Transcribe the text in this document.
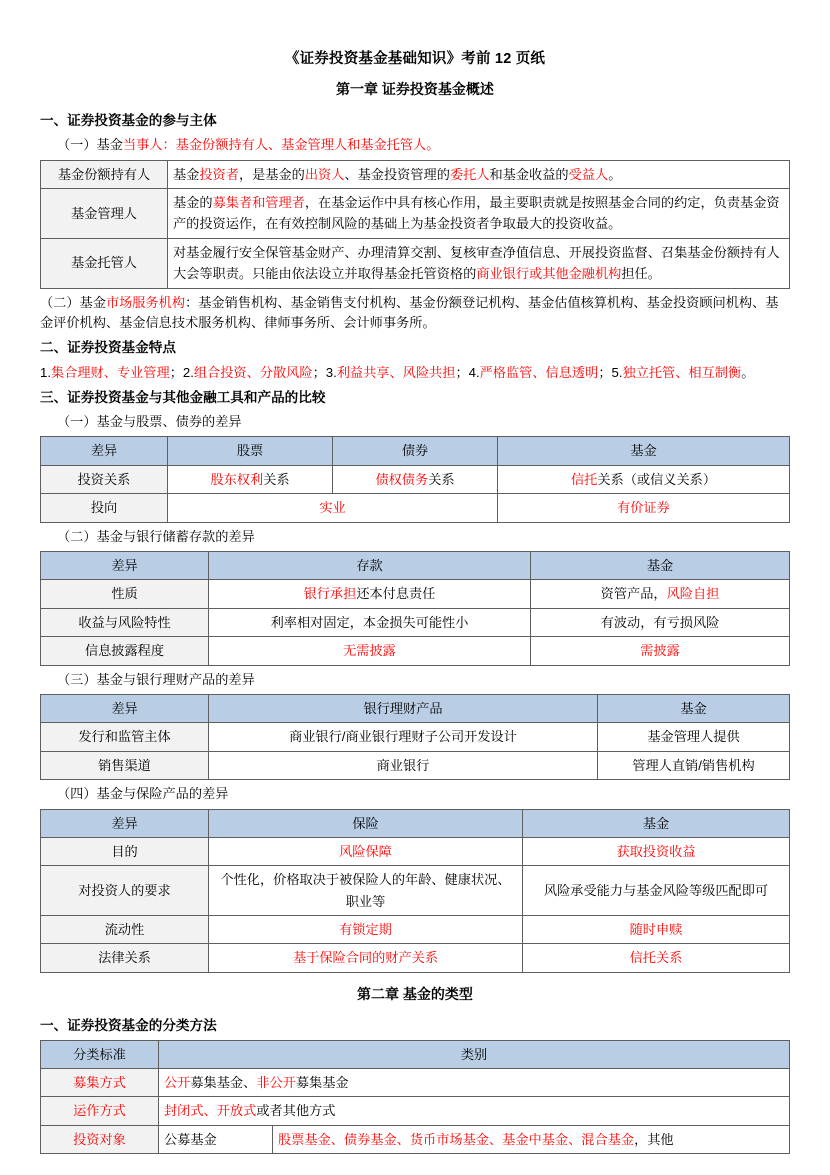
《证券投资基金基础知识》考前 12 页纸
第一章 证券投资基金概述
一、证券投资基金的参与主体
（一）基金当事人：基金份额持有人、基金管理人和基金托管人。
基金份额持有人	基金投资者，是基金的出资人、基金投资管理的委托人和基金收益的受益人。
基金管理人	基金的募集者和管理者，在基金运作中具有核心作用，最主要职责就是按照基金合同的约定，负责基金资产的投资运作，在有效控制风险的基础上为基金投资者争取最大的投资收益。
基金托管人	对基金履行安全保管基金财产、办理清算交割、复核审查净值信息、开展投资监督、召集基金份额持有人大会等职责。只能由依法设立并取得基金托管资格的商业银行或其他金融机构担任。
（二）基金市场服务机构：基金销售机构、基金销售支付机构、基金份额登记机构、基金估值核算机构、基金投资顾问机构、基金评价机构、基金信息技术服务机构、律师事务所、会计师事务所。
二、证券投资基金特点
1.集合理财、专业管理；2.组合投资、分散风险；3.利益共享、风险共担；4.严格监管、信息透明；5.独立托管、相互制衡。
三、证券投资基金与其他金融工具和产品的比较
（一）基金与股票、债券的差异
差异	股票	债券	基金
投资关系	股东权利关系	债权债务关系	信托关系（或信义关系）
投向	实业		有价证券
（二）基金与银行储蓄存款的差异
差异	存款	基金
性质	银行承担还本付息责任	资管产品，风险自担
收益与风险特性	利率相对固定，本金损失可能性小	有波动，有亏损风险
信息披露程度	无需披露	需披露
（三）基金与银行理财产品的差异
差异	银行理财产品	基金
发行和监管主体	商业银行/商业银行理财子公司开发设计	基金管理人提供
销售渠道	商业银行	管理人直销/销售机构
（四）基金与保险产品的差异
差异	保险	基金
目的	风险保障	获取投资收益
对投资人的要求	个性化，价格取决于被保险人的年龄、健康状况、职业等	风险承受能力与基金风险等级匹配即可
流动性	有锁定期	随时申赎
法律关系	基于保险合同的财产关系	信托关系
第二章 基金的类型
一、证券投资基金的分类方法
分类标准	类别	
募集方式	公开募集基金、非公开募集基金	
运作方式	封闭式、开放式或者其他方式	
投资对象	公募基金	股票基金、债券基金、货币市场基金、基金中基金、混合基金，其他
